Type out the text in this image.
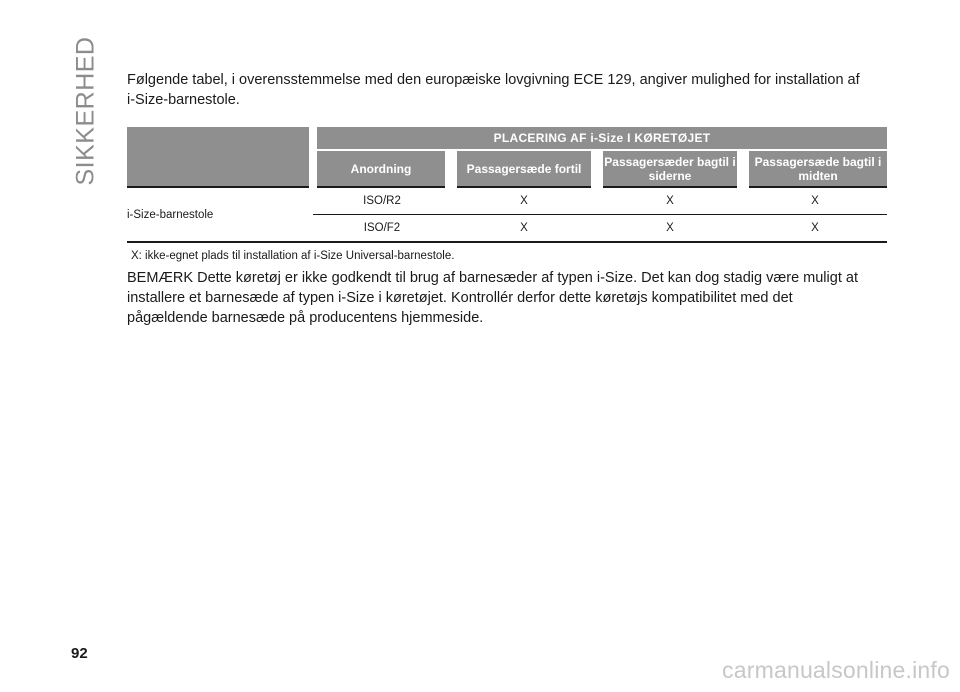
SIKKERHED Følgende tabel, i overensstemmelse med den europæiske lovgivning ECE 129, angiver mulighed for installation af i-Size-barnestole.

	PLACERING AF i-Size I KØRETØJET			
	Anordning	Passagersæde fortil	Passagersæder bagtil i siderne	Passagersæde bagtil i midten
i-Size-barnestole	ISO/R2	X	X	X
	ISO/F2	X	X	X

X: ikke-egnet plads til installation af i-Size Universal-barnestole.

BEMÆRK Dette køretøj er ikke godkendt til brug af barnesæder af typen i-Size. Det kan dog stadig være muligt at installere et barnesæde af typen i-Size i køretøjet. Kontrollér derfor dette køretøjs kompatibilitet med det pågældende barnesæde på producentens hjemmeside.

92

carmanualsonline.info
